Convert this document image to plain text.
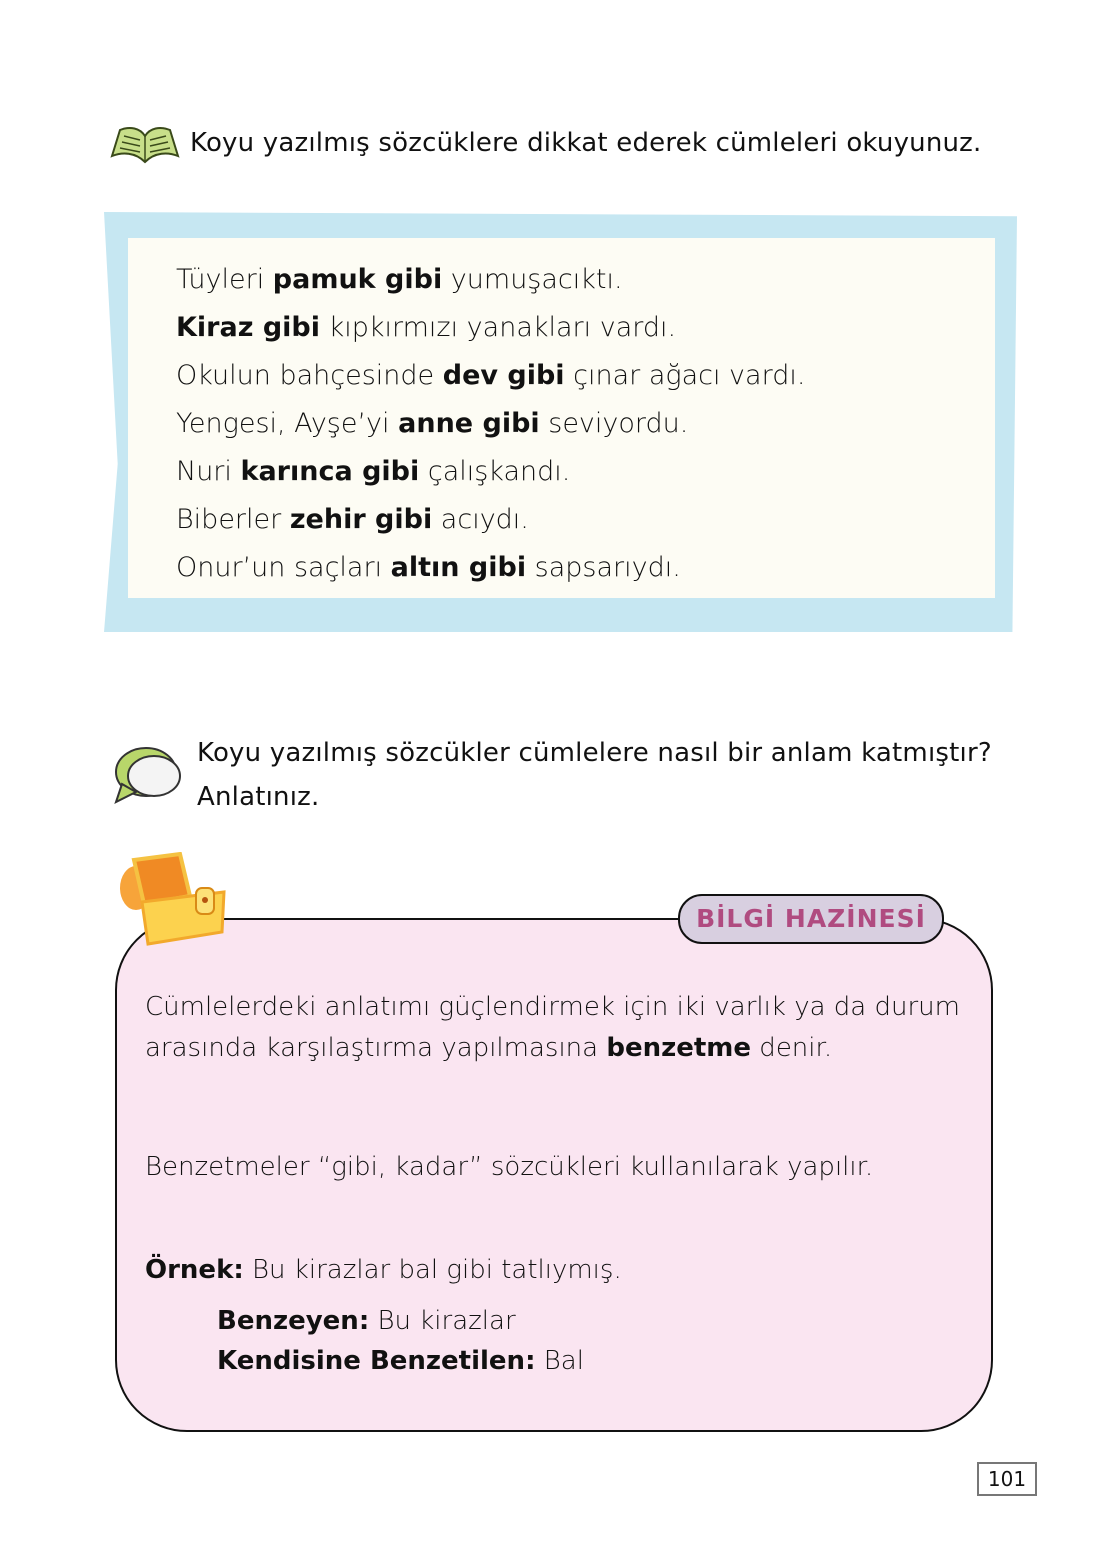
Koyu yazılmış sözcüklere dikkat ederek cümleleri okuyunuz.
Tüyleri pamuk gibi yumuşacıktı.
Kiraz gibi kıpkırmızı yanakları vardı.
Okulun bahçesinde dev gibi çınar ağacı vardı.
Yengesi, Ayşe’yi anne gibi seviyordu.
Nuri karınca gibi çalışkandı.
Biberler zehir gibi acıydı.
Onur’un saçları altın gibi sapsarıydı.
Koyu yazılmış sözcükler cümlelere nasıl bir anlam katmıştır?
Anlatınız.
BİLGİ HAZİNESİ
Cümlelerdeki anlatımı güçlendirmek için iki varlık ya da durum
arasında karşılaştırma yapılmasına benzetme denir.
Benzetmeler “gibi, kadar” sözcükleri kullanılarak yapılır.
Örnek: Bu kirazlar bal gibi tatlıymış.
Benzeyen: Bu kirazlar
Kendisine Benzetilen: Bal
101
